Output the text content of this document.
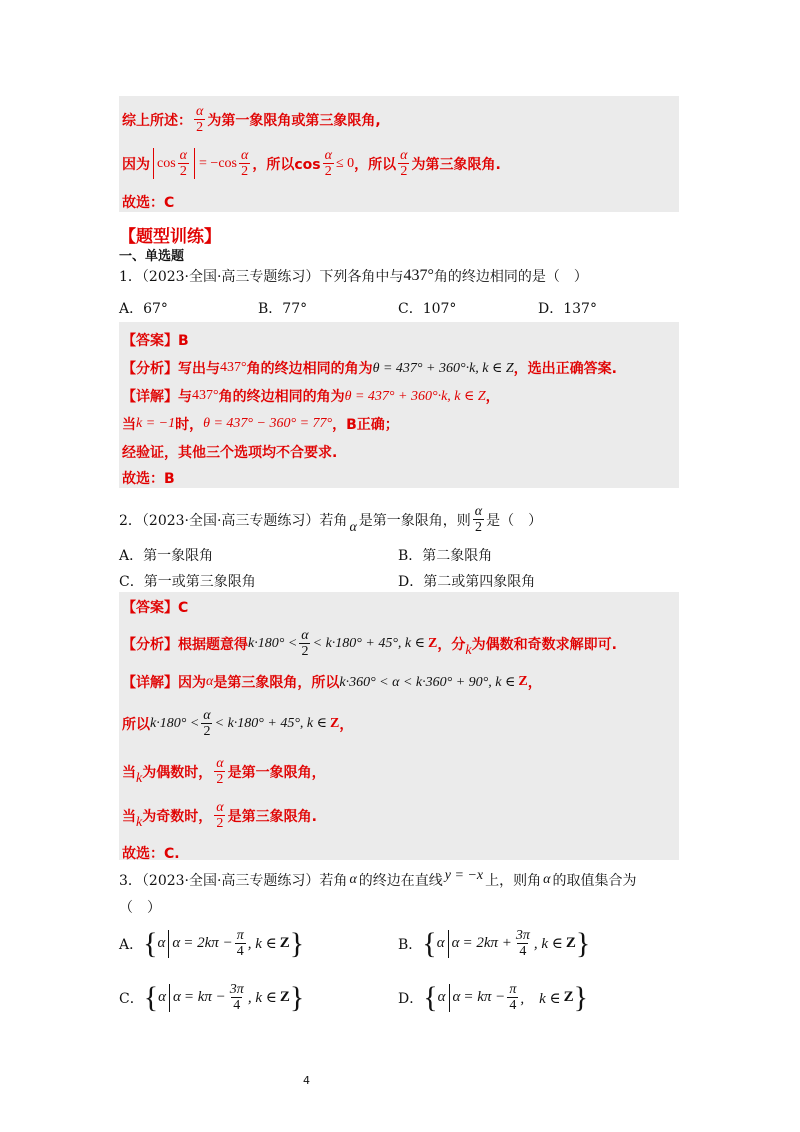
综上所述： $\frac{\alpha}{2}$ 为第一象限角或第三象限角,
因为 $\cos \frac{\alpha}{2} = -\cos \frac{\alpha}{2}$ ，所以$\cos \frac{\alpha}{2} \le 0$ ，所以 $\frac{\alpha}{2}$ 为第三象限角.
故选：C
【题型训练】
一、单选题
1．（2023·全国·高三专题练习）下列各角中与 437° 角的终边相同的是（　）
A．67°	B．77°	C．107°	D．137°
【答案】B
【分析】写出与 437° 角的终边相同的角为 θ = 437° + 360°·k, k ∈ Z ，选出正确答案.
【详解】与 437° 角的终边相同的角为 θ = 437° + 360°·k, k ∈ Z ，
当 k = −1 时， θ = 437° − 360° = 77° ，B正确；
经验证，其他三个选项均不合要求.
故选：B
2．（2023·全国·高三专题练习）若角 α 是第一象限角，则 $\frac{\alpha}{2}$ 是（　）
A．第一象限角	B．第二象限角
C．第一或第三象限角	D．第二或第四象限角
【答案】C
【分析】根据题意得 $k\cdot 180^\circ < \frac{\alpha}{2} < k\cdot 180^\circ + 45^\circ$, k ∈ Z ，分 k 为偶数和奇数求解即可.
【详解】因为 α 是第三象限角，所以 k·360° < α < k·360° + 90°, k ∈ Z ，
所以 $k\cdot 180^\circ < \frac{\alpha}{2} < k\cdot 180^\circ + 45^\circ$, k ∈ Z ，
当 k 为偶数时， $\frac{\alpha}{2}$ 是第一象限角，
当 k 为奇数时， $\frac{\alpha}{2}$ 是第三象限角.
故选：C.
3．（2023·全国·高三专题练习）若角 α 的终边在直线 y = −x 上，则角 α 的取值集合为
（　）
A． { α $\alpha = 2k\pi - \frac{\pi}{4}$ , k ∈ Z }	B． { α $\alpha = 2k\pi + \frac{3\pi}{4}$ , k ∈ Z }
C． { α $\alpha = k\pi - \frac{3\pi}{4}$ , k ∈ Z }	D． { α $\alpha = k\pi - \frac{\pi}{4}$ ,　k ∈ Z }
4
